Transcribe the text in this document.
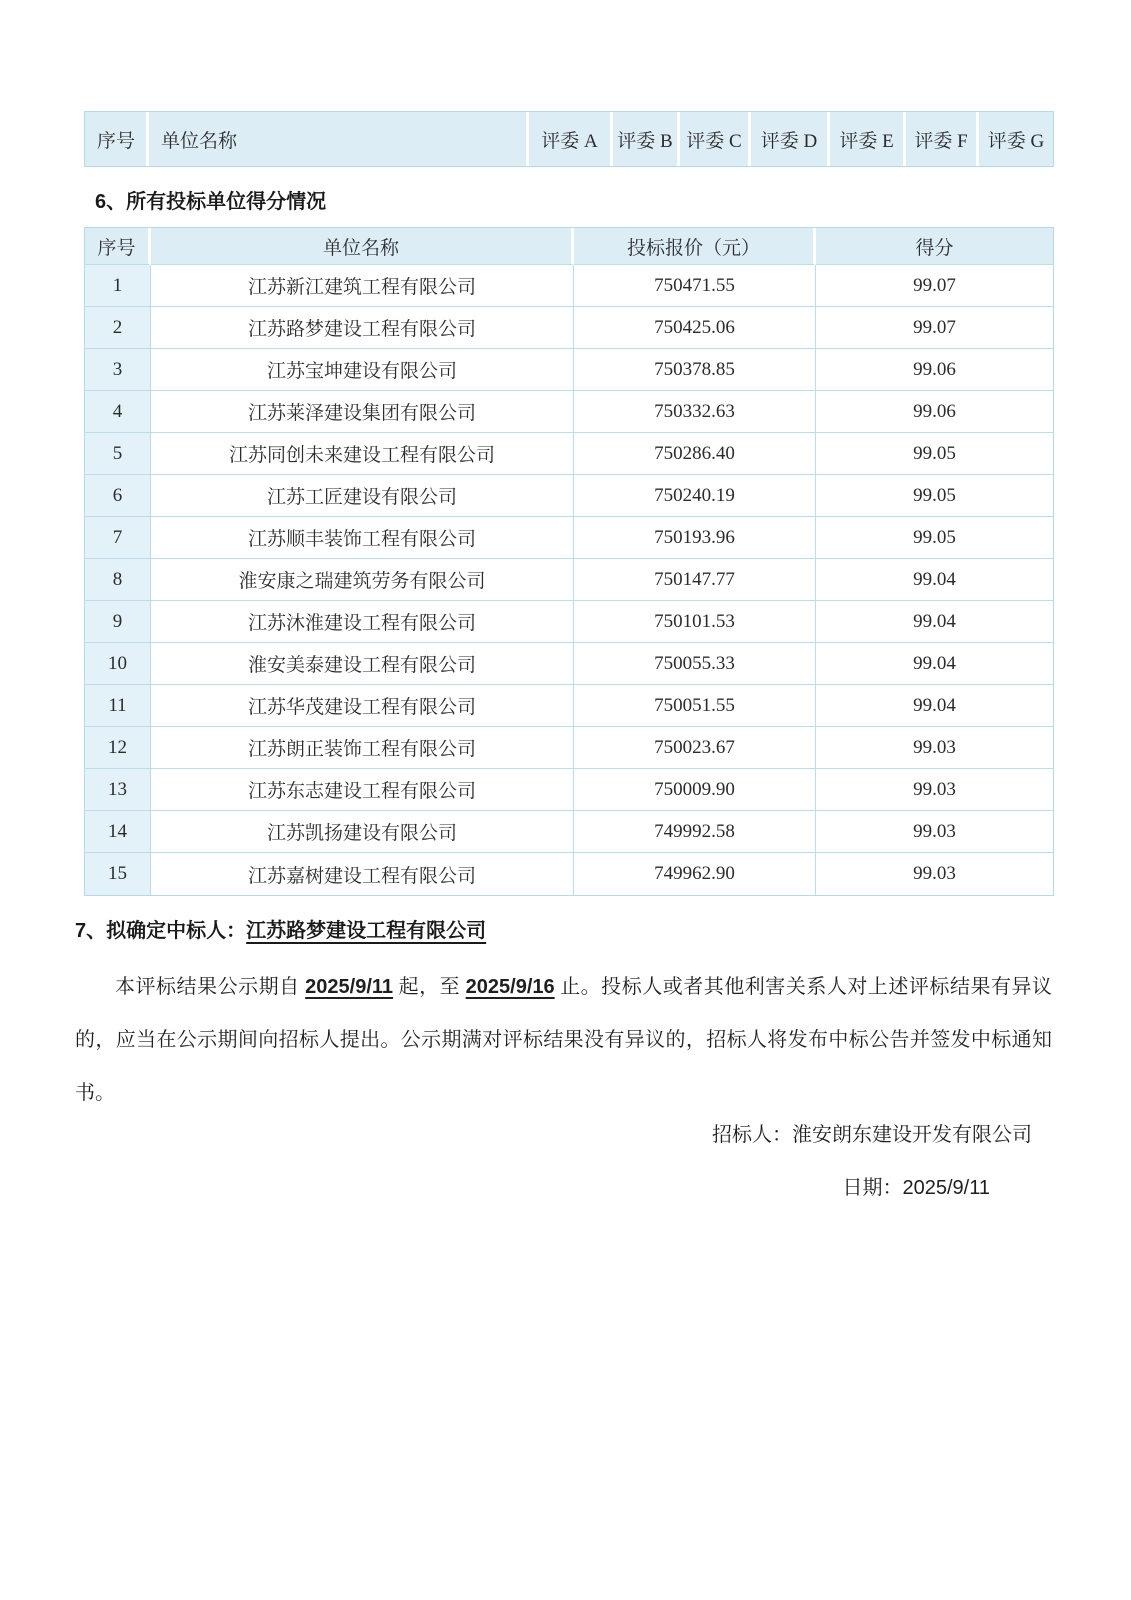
序号	单位名称	评委 A	评委 B	评委 C	评委 D	评委 E	评委 F	评委 G
6、所有投标单位得分情况
序号	单位名称	投标报价（元）	得分
1	江苏新江建筑工程有限公司	750471.55	99.07
2	江苏路梦建设工程有限公司	750425.06	99.07
3	江苏宝坤建设有限公司	750378.85	99.06
4	江苏莱泽建设集团有限公司	750332.63	99.06
5	江苏同创未来建设工程有限公司	750286.40	99.05
6	江苏工匠建设有限公司	750240.19	99.05
7	江苏顺丰装饰工程有限公司	750193.96	99.05
8	淮安康之瑞建筑劳务有限公司	750147.77	99.04
9	江苏沐淮建设工程有限公司	750101.53	99.04
10	淮安美泰建设工程有限公司	750055.33	99.04
11	江苏华茂建设工程有限公司	750051.55	99.04
12	江苏朗正装饰工程有限公司	750023.67	99.03
13	江苏东志建设工程有限公司	750009.90	99.03
14	江苏凯扬建设有限公司	749992.58	99.03
15	江苏嘉树建设工程有限公司	749962.90	99.03
7、拟确定中标人：江苏路梦建设工程有限公司

本评标结果公示期自 2025/9/11 起，至 2025/9/16 止。投标人或者其他利害关系人对上述评标结果有异议的，应当在公示期间向招标人提出。公示期满对评标结果没有异议的，招标人将发布中标公告并签发中标通知书。

招标人：淮安朗东建设开发有限公司
日期：2025/9/11
